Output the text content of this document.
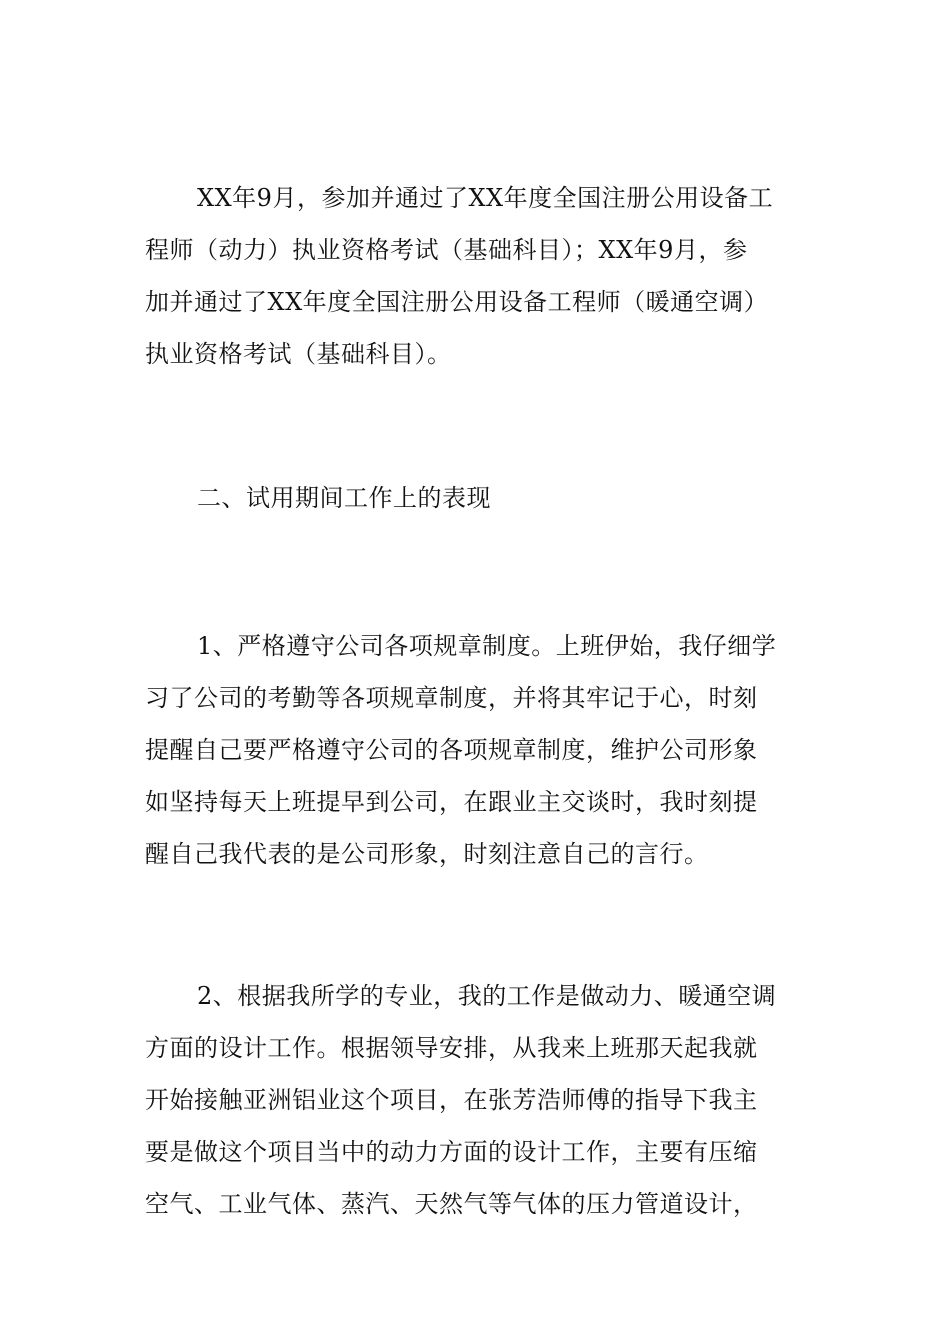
XX年9月，参加并通过了XX年度全国注册公用设备工
程师（动力）执业资格考试（基础科目）；XX年9月，参
加并通过了XX年度全国注册公用设备工程师（暖通空调）
执业资格考试（基础科目）。
二、试用期间工作上的表现
1、严格遵守公司各项规章制度。上班伊始，我仔细学
习了公司的考勤等各项规章制度，并将其牢记于心，时刻
提醒自己要严格遵守公司的各项规章制度，维护公司形象
如坚持每天上班提早到公司，在跟业主交谈时，我时刻提
醒自己我代表的是公司形象，时刻注意自己的言行。
2、根据我所学的专业，我的工作是做动力、暖通空调
方面的设计工作。根据领导安排，从我来上班那天起我就
开始接触亚洲铝业这个项目，在张芳浩师傅的指导下我主
要是做这个项目当中的动力方面的设计工作，主要有压缩
空气、工业气体、蒸汽、天然气等气体的压力管道设计，
